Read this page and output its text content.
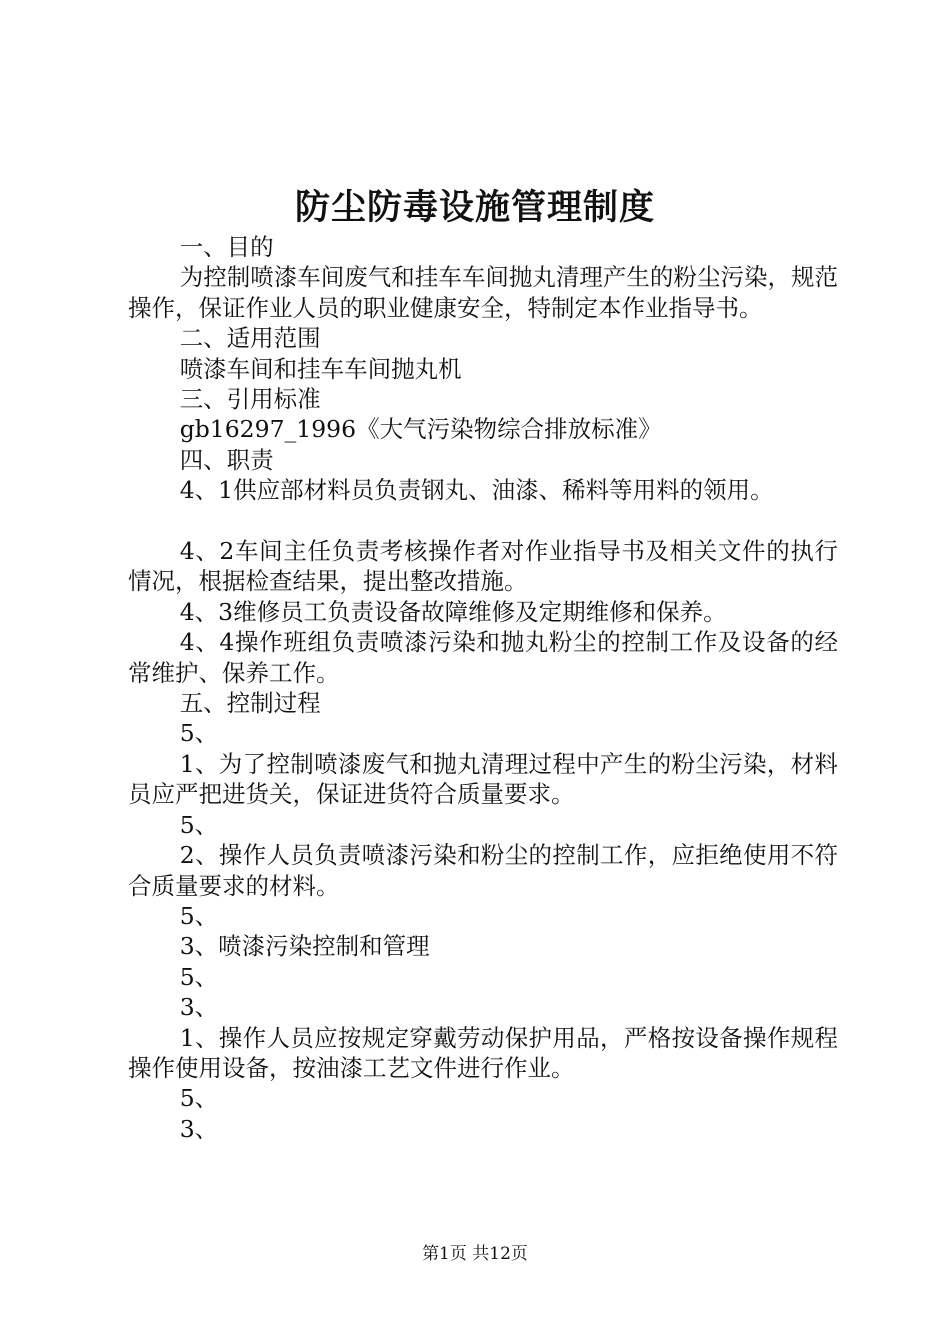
防尘防毒设施管理制度

一、目的

为控制喷漆车间废气和挂车车间抛丸清理产生的粉尘污染，规范操作，保证作业人员的职业健康安全，特制定本作业指导书。

二、适用范围

喷漆车间和挂车车间抛丸机

三、引用标准

gb16297_1996《大气污染物综合排放标准》

四、职责

4、1供应部材料员负责钢丸、油漆、稀料等用料的领用。

4、2车间主任负责考核操作者对作业指导书及相关文件的执行情况，根据检查结果，提出整改措施。

4、3维修员工负责设备故障维修及定期维修和保养。

4、4操作班组负责喷漆污染和抛丸粉尘的控制工作及设备的经常维护、保养工作。

五、控制过程

5、

1、为了控制喷漆废气和抛丸清理过程中产生的粉尘污染，材料员应严把进货关，保证进货符合质量要求。

5、

2、操作人员负责喷漆污染和粉尘的控制工作，应拒绝使用不符合质量要求的材料。

5、

3、喷漆污染控制和管理

5、

3、

1、操作人员应按规定穿戴劳动保护用品，严格按设备操作规程操作使用设备，按油漆工艺文件进行作业。

5、

3、

第1页 共12页
